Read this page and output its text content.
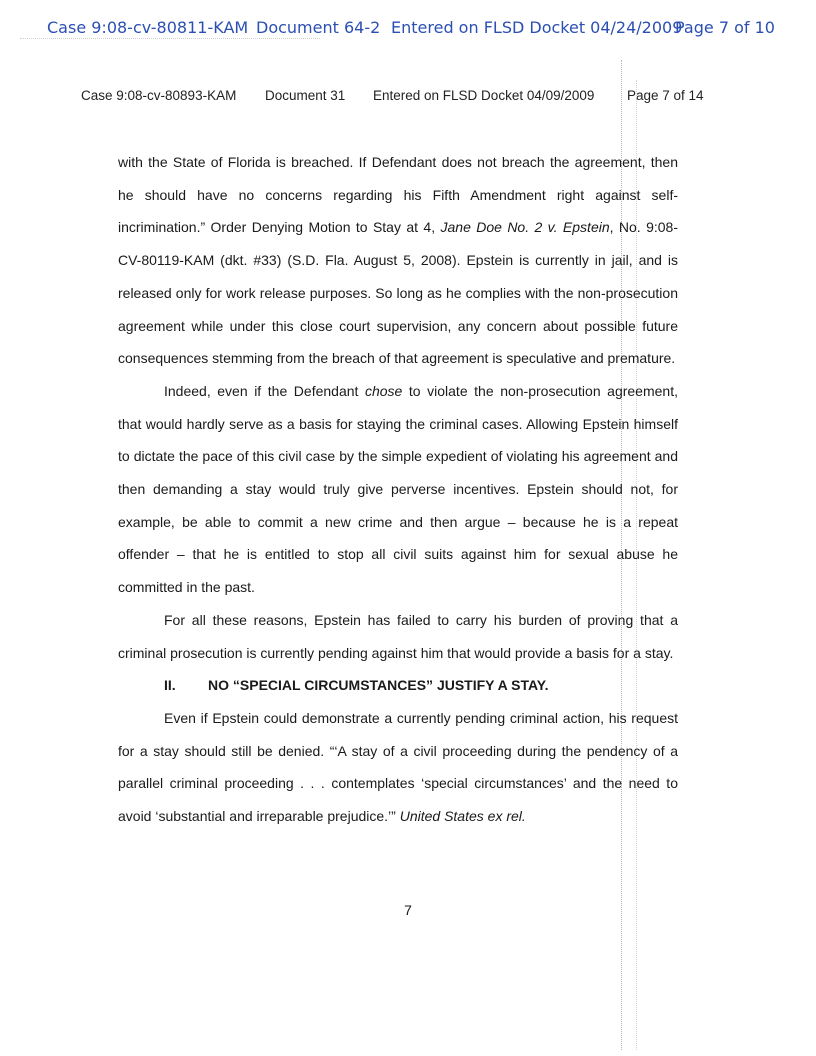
Case 9:08-cv-80811-KAM Document 64-2 Entered on FLSD Docket 04/24/2009
Page 7 of 10
Case 9:08-cv-80893-KAM Document 31 Entered on FLSD Docket 04/09/2009 Page 7 of 14

with the State of Florida is breached. If Defendant does not breach the agreement, then he should have no concerns regarding his Fifth Amendment right against self-incrimination.” Order Denying Motion to Stay at 4, Jane Doe No. 2 v. Epstein, No. 9:08-CV-80119-KAM (dkt. #33) (S.D. Fla. August 5, 2008). Epstein is currently in jail, and is released only for work release purposes. So long as he complies with the non-prosecution agreement while under this close court supervision, any concern about possible future consequences stemming from the breach of that agreement is speculative and premature.

Indeed, even if the Defendant chose to violate the non-prosecution agreement, that would hardly serve as a basis for staying the criminal cases. Allowing Epstein himself to dictate the pace of this civil case by the simple expedient of violating his agreement and then demanding a stay would truly give perverse incentives. Epstein should not, for example, be able to commit a new crime and then argue – because he is a repeat offender – that he is entitled to stop all civil suits against him for sexual abuse he committed in the past.

For all these reasons, Epstein has failed to carry his burden of proving that a criminal prosecution is currently pending against him that would provide a basis for a stay.

II. NO “SPECIAL CIRCUMSTANCES” JUSTIFY A STAY.

Even if Epstein could demonstrate a currently pending criminal action, his request for a stay should still be denied. “‘A stay of a civil proceeding during the pendency of a parallel criminal proceeding . . . contemplates ‘special circumstances’ and the need to avoid ‘substantial and irreparable prejudice.’” United States ex rel.

7
